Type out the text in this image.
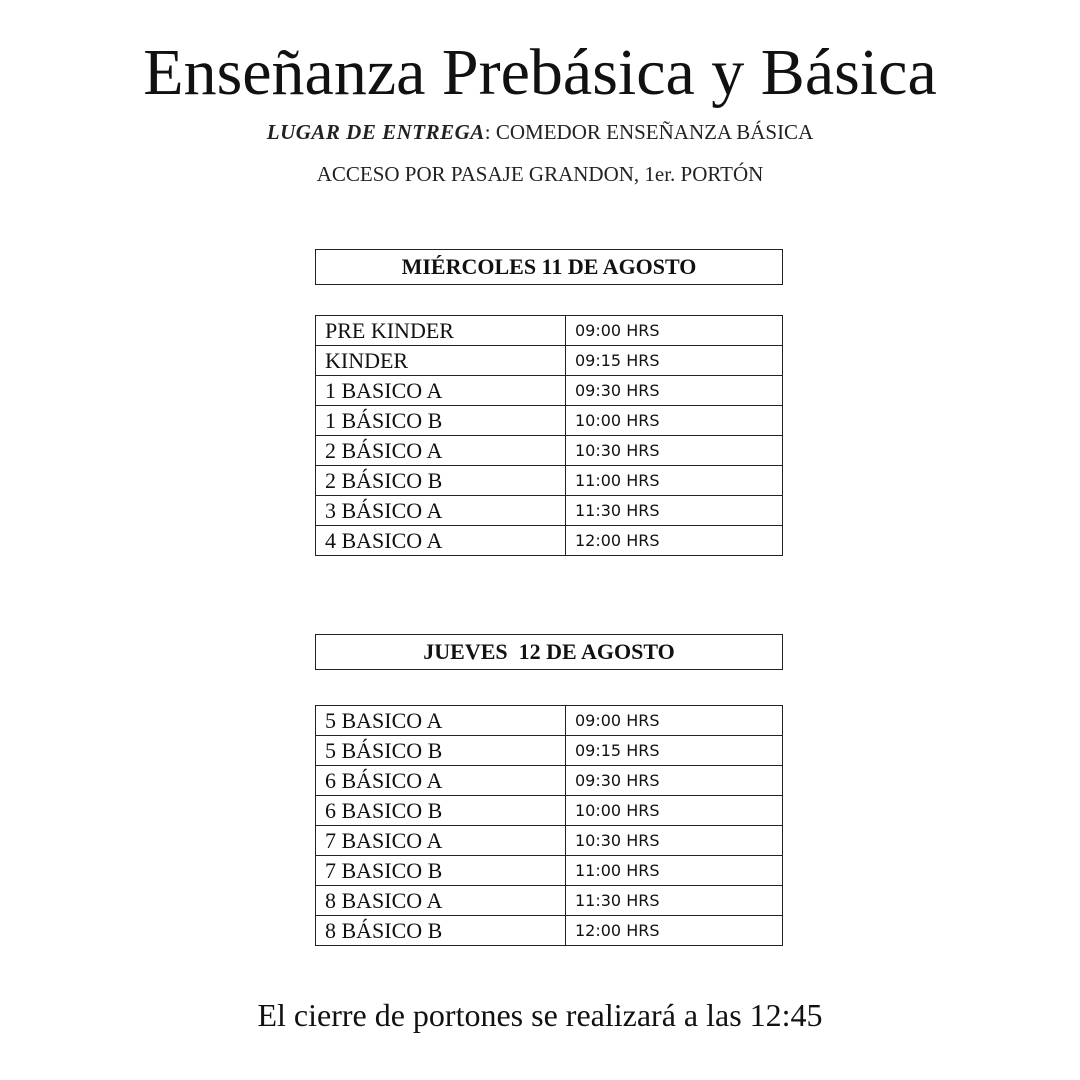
Enseñanza Prebásica y Básica
LUGAR DE ENTREGA: COMEDOR ENSEÑANZA BÁSICA
ACCESO POR PASAJE GRANDON, 1er. PORTÓN
MIÉRCOLES 11 DE AGOSTO
PRE KINDER	09:00 HRS
KINDER	09:15 HRS
1 BASICO A	09:30 HRS
1 BÁSICO B	10:00 HRS
2 BÁSICO A	10:30 HRS
2 BÁSICO B	11:00 HRS
3 BÁSICO A	11:30 HRS
4 BASICO A	12:00 HRS
JUEVES  12 DE AGOSTO
5 BASICO A	09:00 HRS
5 BÁSICO B	09:15 HRS
6 BÁSICO A	09:30 HRS
6 BASICO B	10:00 HRS
7 BASICO A	10:30 HRS
7 BASICO B	11:00 HRS
8 BASICO A	11:30 HRS
8 BÁSICO B	12:00 HRS
El cierre de portones se realizará a las 12:45
